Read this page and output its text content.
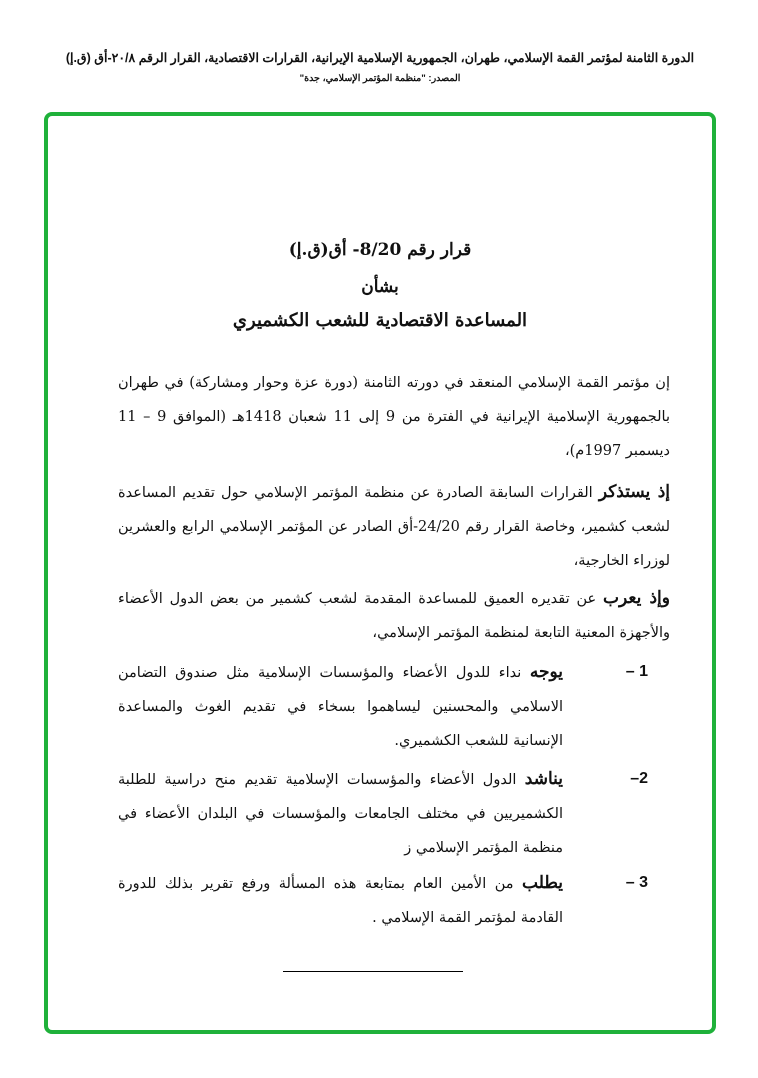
الدورة الثامنة لمؤتمر القمة الإسلامي، طهران، الجمهورية الإسلامية الإيرانية، القرارات الاقتصادية، القرار الرقم ٢٠/٨-أق (ق.إ)
المصدر: "منظمة المؤتمر الإسلامي، جدة"
قرار رقم 8/20- أق(ق.إ)
بشأن
المساعدة الاقتصادية للشعب الكشميري
إن مؤتمر القمة الإسلامي المنعقد في دورته الثامنة (دورة عزة وحوار ومشاركة) في طهران بالجمهورية الإسلامية الإيرانية في الفترة من 9 إلى 11 شعبان 1418هـ (الموافق 9 – 11 ديسمبر 1997م)،
إذ يستذكر القرارات السابقة الصادرة عن منظمة المؤتمر الإسلامي حول تقديم المساعدة لشعب كشمير، وخاصة القرار رقم 24/20-أق الصادر عن المؤتمر الإسلامي الرابع والعشرين لوزراء الخارجية،
وإذ يعرب عن تقديره العميق للمساعدة المقدمة لشعب كشمير من بعض الدول الأعضاء والأجهزة المعنية التابعة لمنظمة المؤتمر الإسلامي،
1 –
يوجه نداء للدول الأعضاء والمؤسسات الإسلامية مثل صندوق التضامن الاسلامي والمحسنين ليساهموا بسخاء في تقديم الغوث والمساعدة الإنسانية للشعب الكشميري.
2–
يناشد الدول الأعضاء والمؤسسات الإسلامية تقديم منح دراسية للطلبة الكشميريين في مختلف الجامعات والمؤسسات في البلدان الأعضاء في منظمة المؤتمر الإسلامي ز
3 –
يطلب من الأمين العام بمتابعة هذه المسألة ورفع تقرير بذلك للدورة القادمة لمؤتمر القمة الإسلامي .
